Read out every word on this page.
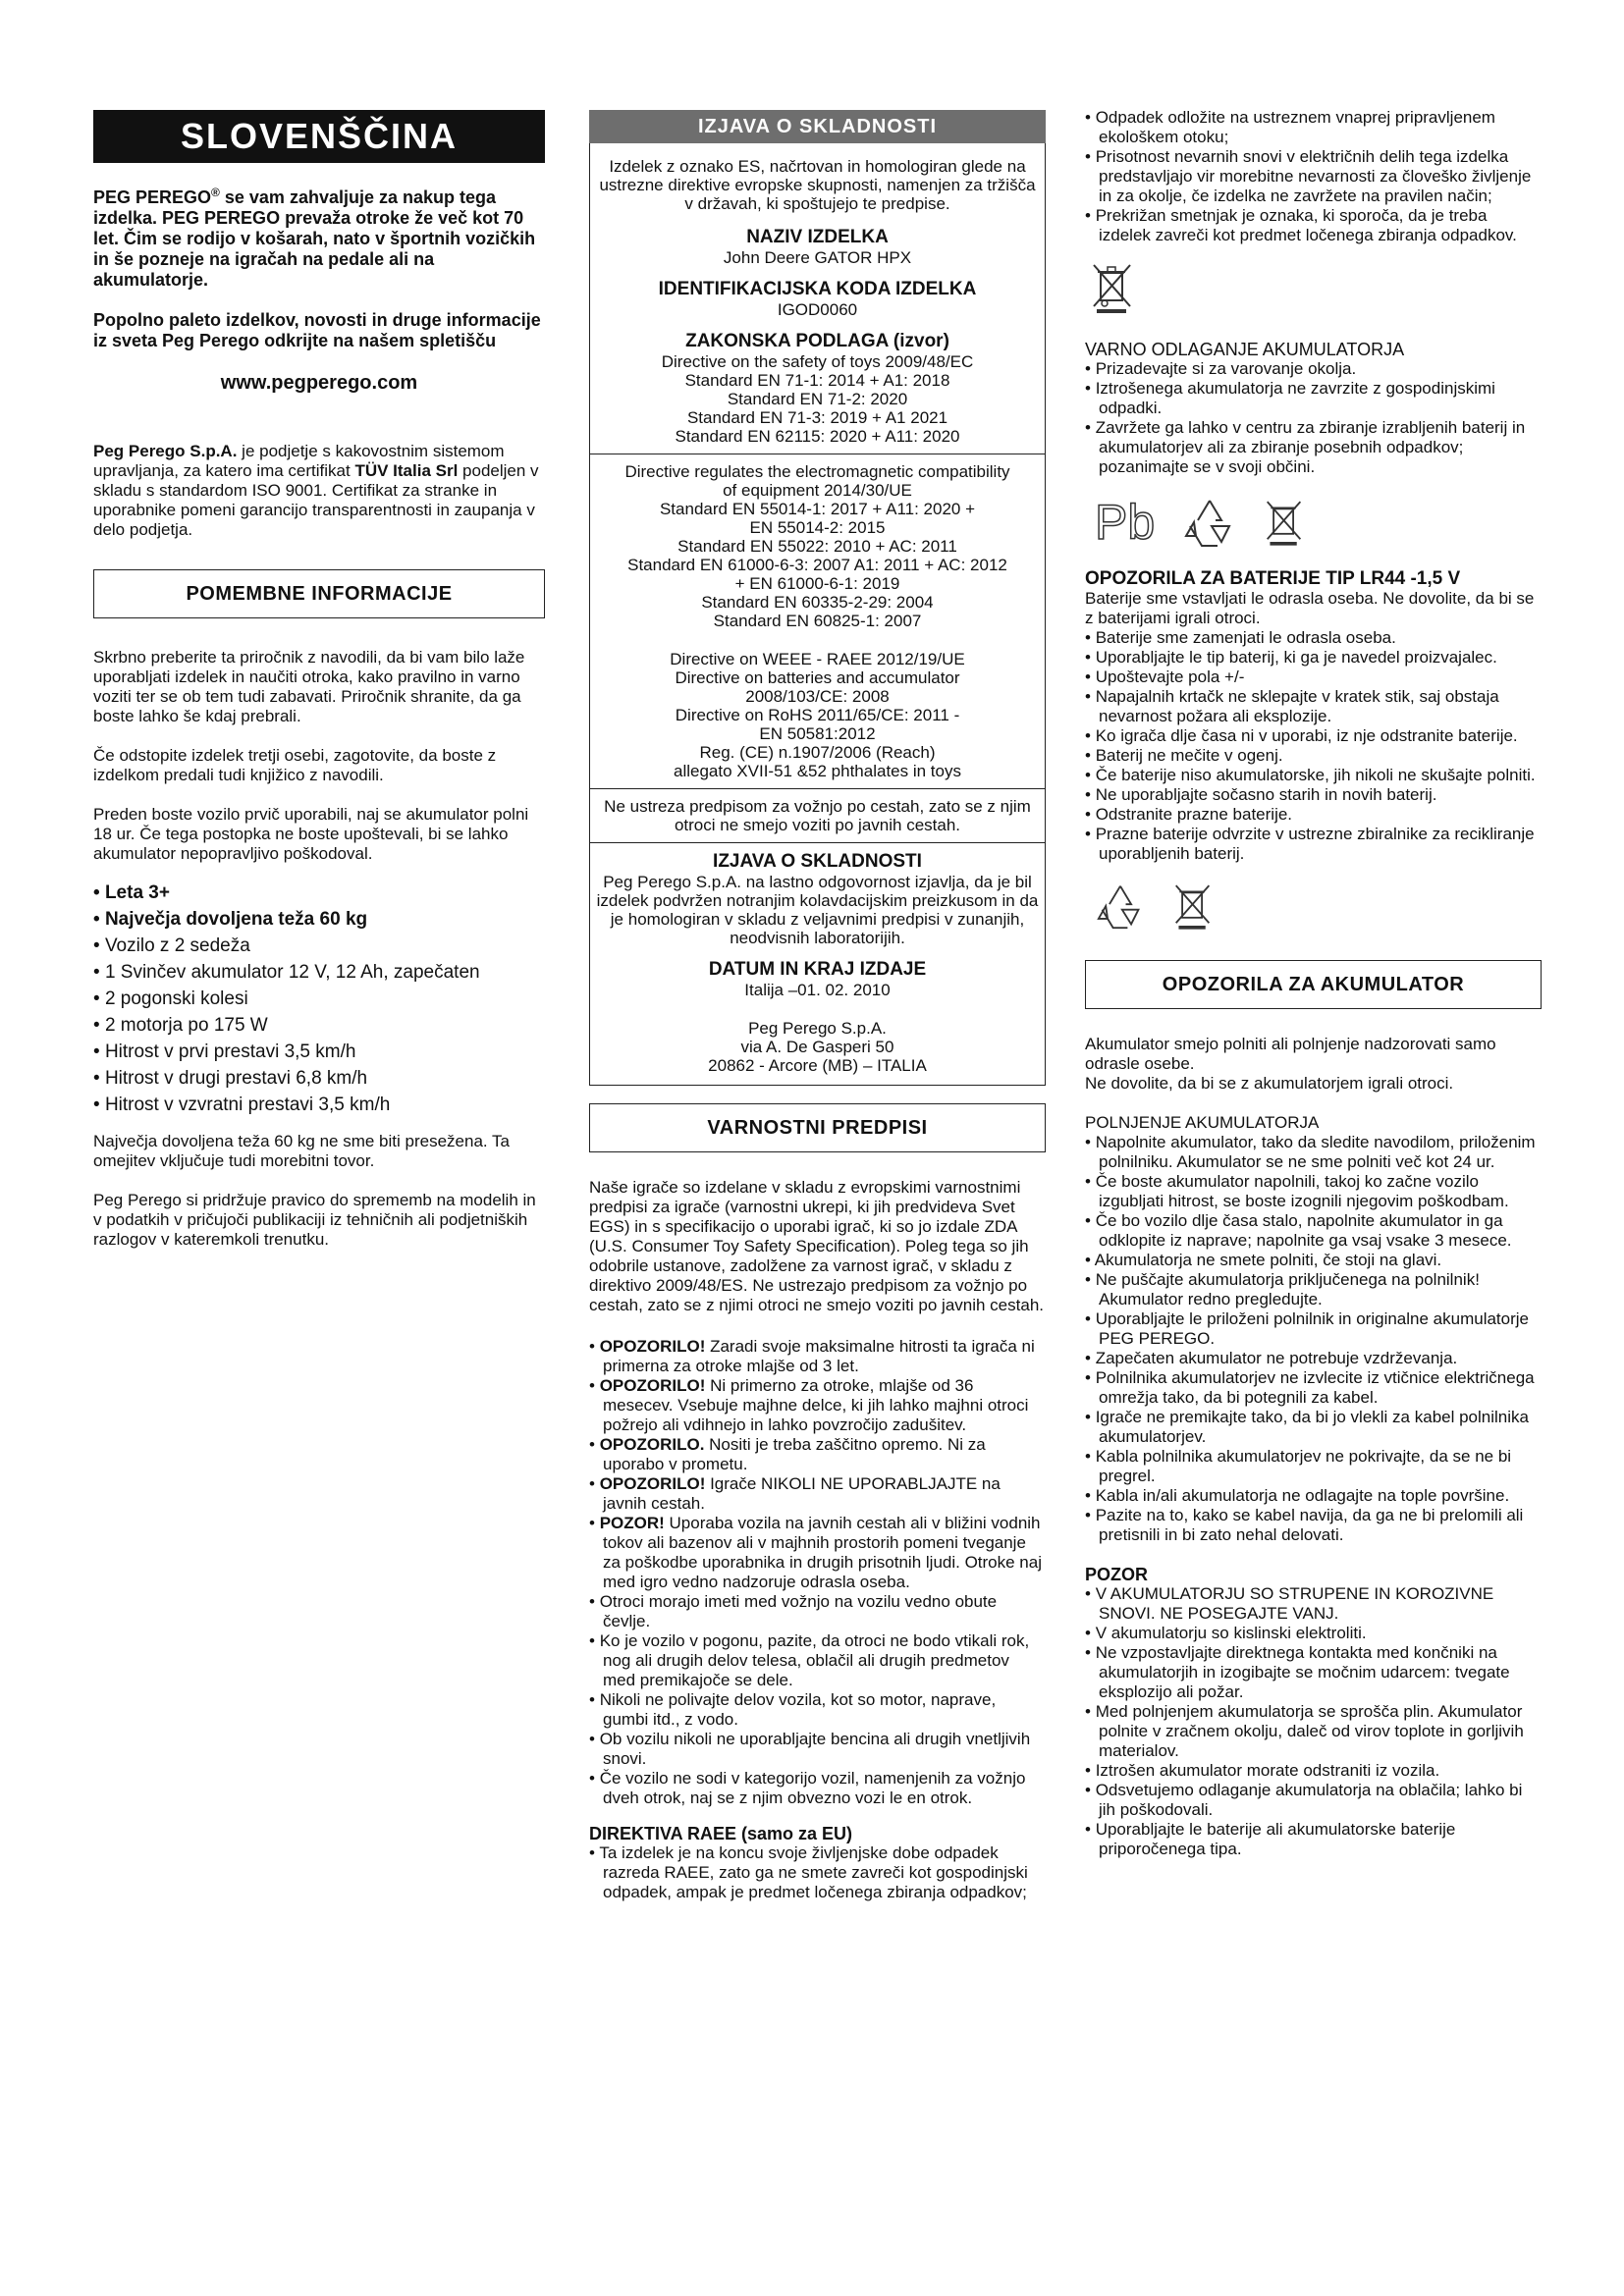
SLOVENŠČINA

PEG PEREGO® se vam zahvaljuje za nakup tega izdelka. PEG PEREGO prevaža otroke že več kot 70 let. Čim se rodijo v košarah, nato v športnih vozičkih in še pozneje na igračah na pedale ali na akumulatorje.

Popolno paleto izdelkov, novosti in druge informacije iz sveta Peg Perego odkrijte na našem spletišču

www.pegperego.com

Peg Perego S.p.A. je podjetje s kakovostnim sistemom upravljanja, za katero ima certifikat TÜV Italia Srl podeljen v skladu s standardom ISO 9001. Certifikat za stranke in uporabnike pomeni garancijo transparentnosti in zaupanja v delo podjetja.

POMEMBNE INFORMACIJE

Skrbno preberite ta priročnik z navodili, da bi vam bilo laže uporabljati izdelek in naučiti otroka, kako pravilno in varno voziti ter se ob tem tudi zabavati. Priročnik shranite, da ga boste lahko še kdaj prebrali.

Če odstopite izdelek tretji osebi, zagotovite, da boste z izdelkom predali tudi knjižico z navodili.

Preden boste vozilo prvič uporabili, naj se akumulator polni 18 ur. Če tega postopka ne boste upoštevali, bi se lahko akumulator nepopravljivo poškodoval.

• Leta 3+
• Največja dovoljena teža 60 kg
• Vozilo z 2 sedeža
• 1 Svinčev akumulator 12 V, 12 Ah, zapečaten
• 2 pogonski kolesi
• 2 motorja po 175 W
• Hitrost v prvi prestavi 3,5 km/h
• Hitrost v drugi prestavi 6,8 km/h
• Hitrost v vzvratni prestavi 3,5 km/h

Največja dovoljena teža 60 kg ne sme biti presežena. Ta omejitev vključuje tudi morebitni tovor.

Peg Perego si pridržuje pravico do sprememb na modelih in v podatkih v pričujoči publikaciji iz tehničnih ali podjetniških razlogov v kateremkoli trenutku.

IZJAVA O SKLADNOSTI

Izdelek z oznako ES, načrtovan in homologiran glede na ustrezne direktive evropske skupnosti, namenjen za tržišča v državah, ki spoštujejo te predpise.

NAZIV IZDELKA

John Deere GATOR HPX

IDENTIFIKACIJSKA KODA IZDELKA

IGOD0060

ZAKONSKA PODLAGA (izvor)

Directive on the safety of toys 2009/48/EC

Standard EN 71-1: 2014 + A1: 2018

Standard EN 71-2: 2020

Standard EN 71-3: 2019 + A1 2021

Standard EN 62115: 2020 + A11: 2020

Directive regulates the electromagnetic compatibility

of equipment 2014/30/UE

Standard EN 55014-1: 2017 + A11: 2020 +

EN 55014-2: 2015

Standard EN 55022: 2010 + AC: 2011

Standard EN 61000-6-3: 2007 A1: 2011 + AC: 2012

+ EN 61000-6-1: 2019

Standard EN 60335-2-29: 2004

Standard EN 60825-1: 2007

Directive on WEEE - RAEE 2012/19/UE

Directive on batteries and accumulator

2008/103/CE: 2008

Directive on RoHS 2011/65/CE: 2011 -

EN 50581:2012

Reg. (CE) n.1907/2006 (Reach)

allegato XVII-51 &52 phthalates in toys

Ne ustreza predpisom za vožnjo po cestah, zato se z njim otroci ne smejo voziti po javnih cestah.

IZJAVA O SKLADNOSTI

Peg Perego S.p.A. na lastno odgovornost izjavlja, da je bil izdelek podvržen notranjim kolavdacijskim preizkusom in da je homologiran v skladu z veljavnimi predpisi v zunanjih, neodvisnih laboratorijih.

DATUM IN KRAJ IZDAJE

Italija –01. 02. 2010

Peg Perego S.p.A.

via A. De Gasperi 50

20862 - Arcore (MB) – ITALIA

VARNOSTNI PREDPISI

Naše igrače so izdelane v skladu z evropskimi varnostnimi predpisi za igrače (varnostni ukrepi, ki jih predvideva Svet EGS) in s specifikacijo o uporabi igrač, ki so jo izdale ZDA (U.S. Consumer Toy Safety Specification). Poleg tega so jih odobrile ustanove, zadolžene za varnost igrač, v skladu z direktivo 2009/48/ES. Ne ustrezajo predpisom za vožnjo po cestah, zato se z njimi otroci ne smejo voziti po javnih cestah.

• OPOZORILO! Zaradi svoje maksimalne hitrosti ta igrača ni primerna za otroke mlajše od 3 let.
• OPOZORILO! Ni primerno za otroke, mlajše od 36 mesecev. Vsebuje majhne delce, ki jih lahko majhni otroci požrejo ali vdihnejo in lahko povzročijo zadušitev.
• OPOZORILO. Nositi je treba zaščitno opremo. Ni za uporabo v prometu.
• OPOZORILO! Igrače NIKOLI NE UPORABLJAJTE na javnih cestah.
• POZOR! Uporaba vozila na javnih cestah ali v bližini vodnih tokov ali bazenov ali v majhnih prostorih pomeni tveganje za poškodbe uporabnika in drugih prisotnih ljudi. Otroke naj med igro vedno nadzoruje odrasla oseba.
• Otroci morajo imeti med vožnjo na vozilu vedno obute čevlje.
• Ko je vozilo v pogonu, pazite, da otroci ne bodo vtikali rok, nog ali drugih delov telesa, oblačil ali drugih predmetov med premikajoče se dele.
• Nikoli ne polivajte delov vozila, kot so motor, naprave, gumbi itd., z vodo.
• Ob vozilu nikoli ne uporabljajte bencina ali drugih vnetljivih snovi.
• Če vozilo ne sodi v kategorijo vozil, namenjenih za vožnjo dveh otrok, naj se z njim obvezno vozi le en otrok.
DIREKTIVA RAEE (samo za EU)
• Ta izdelek je na koncu svoje življenjske dobe odpadek razreda RAEE, zato ga ne smete zavreči kot gospodinjski odpadek, ampak je predmet ločenega zbiranja odpadkov;
• Odpadek odložite na ustreznem vnaprej pripravljenem ekološkem otoku;
• Prisotnost nevarnih snovi v električnih delih tega izdelka predstavljajo vir morebitne nevarnosti za človeško življenje in za okolje, če izdelka ne zavržete na pravilen način;
• Prekrižan smetnjak je oznaka, ki sporoča, da je treba izdelek zavreči kot predmet ločenega zbiranja odpadkov.
VARNO ODLAGANJE AKUMULATORJA
• Prizadevajte si za varovanje okolja.
• Iztrošenega akumulatorja ne zavrzite z gospodinjskimi odpadki.
• Zavržete ga lahko v centru za zbiranje izrabljenih baterij in akumulatorjev ali za zbiranje posebnih odpadkov; pozanimajte se v svoji občini.
Pb
OPOZORILA ZA BATERIJE TIP LR44 -1,5 V

Baterije sme vstavljati le odrasla oseba. Ne dovolite, da bi se z baterijami igrali otroci.

• Baterije sme zamenjati le odrasla oseba.
• Uporabljajte le tip baterij, ki ga je navedel proizvajalec.
• Upoštevajte pola +/-
• Napajalnih krtačk ne sklepajte v kratek stik, saj obstaja nevarnost požara ali eksplozije.
• Ko igrača dlje časa ni v uporabi, iz nje odstranite baterije.
• Baterij ne mečite v ogenj.
• Če baterije niso akumulatorske, jih nikoli ne skušajte polniti.
• Ne uporabljajte sočasno starih in novih baterij.
• Odstranite prazne baterije.
• Prazne baterije odvrzite v ustrezne zbiralnike za recikliranje uporabljenih baterij.
OPOZORILA ZA AKUMULATOR

Akumulator smejo polniti ali polnjenje nadzorovati samo odrasle osebe.

Ne dovolite, da bi se z akumulatorjem igrali otroci.

POLNJENJE AKUMULATORJA
• Napolnite akumulator, tako da sledite navodilom, priloženim polnilniku. Akumulator se ne sme polniti več kot 24 ur.
• Če boste akumulator napolnili, takoj ko začne vozilo izgubljati hitrost, se boste izognili njegovim poškodbam.
• Če bo vozilo dlje časa stalo, napolnite akumulator in ga odklopite iz naprave; napolnite ga vsaj vsake 3 mesece.
• Akumulatorja ne smete polniti, če stoji na glavi.
• Ne puščajte akumulatorja priključenega na polnilnik! Akumulator redno pregledujte.
• Uporabljajte le priloženi polnilnik in originalne akumulatorje PEG PEREGO.
• Zapečaten akumulator ne potrebuje vzdrževanja.
• Polnilnika akumulatorjev ne izvlecite iz vtičnice električnega omrežja tako, da bi potegnili za kabel.
• Igrače ne premikajte tako, da bi jo vlekli za kabel polnilnika akumulatorjev.
• Kabla polnilnika akumulatorjev ne pokrivajte, da se ne bi pregrel.
• Kabla in/ali akumulatorja ne odlagajte na tople površine.
• Pazite na to, kako se kabel navija, da ga ne bi prelomili ali pretisnili in bi zato nehal delovati.
POZOR
• V AKUMULATORJU SO STRUPENE IN KOROZIVNE SNOVI. NE POSEGAJTE VANJ.
• V akumulatorju so kislinski elektroliti.
• Ne vzpostavljajte direktnega kontakta med končniki na akumulatorjih in izogibajte se močnim udarcem: tvegate eksplozijo ali požar.
• Med polnjenjem akumulatorja se sprošča plin. Akumulator polnite v zračnem okolju, daleč od virov toplote in gorljivih materialov.
• Iztrošen akumulator morate odstraniti iz vozila.
• Odsvetujemo odlaganje akumulatorja na oblačila; lahko bi jih poškodovali.
• Uporabljajte le baterije ali akumulatorske baterije priporočenega tipa.
